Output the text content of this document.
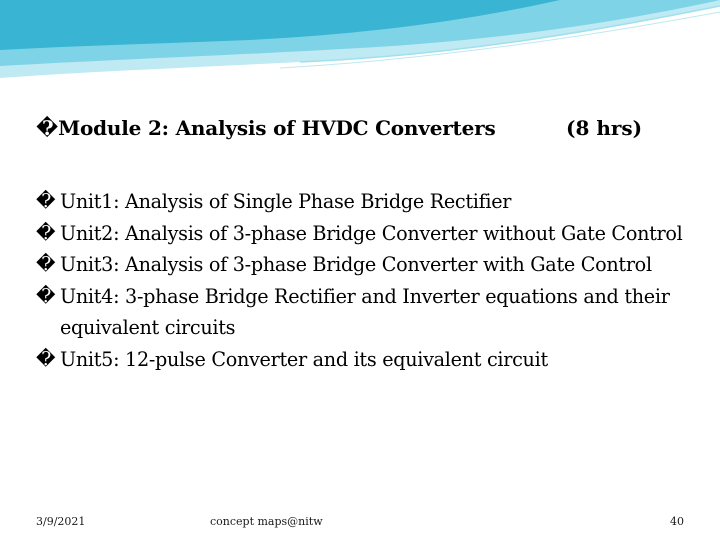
�Module 2: Analysis of HVDC Converters	(8 hrs)
� Unit1: Analysis of Single Phase Bridge Rectifier
� Unit2: Analysis of 3-phase Bridge Converter without Gate Control
� Unit3: Analysis of 3-phase Bridge Converter with Gate Control
� Unit4: 3-phase Bridge Rectifier and Inverter equations and their equivalent circuits
� Unit5: 12-pulse Converter and its equivalent circuit
3/9/2021	concept maps@nitw	40
